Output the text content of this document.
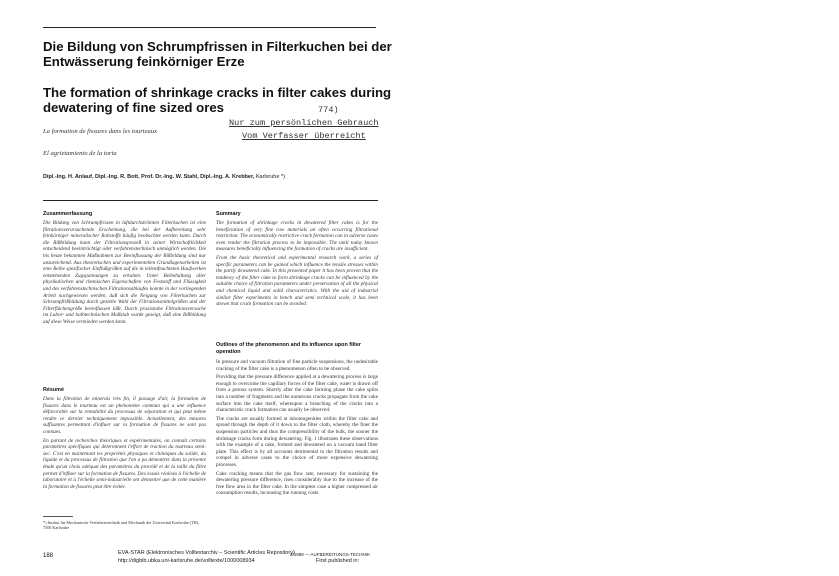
Die Bildung von Schrumpfrissen in Filterkuchen bei der Entwässerung feinkörniger Erze
The formation of shrinkage cracks in filter cakes during dewatering of fine sized ores	774)
Nur zum persönlichen Gebrauch
Vom Verfasser überreicht
La formation de fissures dans les tourteaux
El agrietamiento de la torta
Dipl.-Ing. H. Anlauf, Dipl.-Ing. R. Bott, Prof. Dr.-Ing. W. Stahl, Dipl.-Ing. A. Krebber, Karlsruhe *)
Zusammenfassung

Die Bildung von Schrumpfrissen in luftdurchströmten Filterkuchen ist eine filtrationsverursachende Erscheinung, die bei der Aufbereitung sehr feinkörniger mineralischer Rohstoffe häufig beobachtet werden kann. Durch die Rißbildung kann der Filtrationsprozeß in seiner Wirtschaftlichkeit entscheidend beeinträchtigt oder verfahrenstechnisch unmöglich werden. Die bis heute bekannten Maßnahmen zur Beeinflussung der Rißbildung sind nur unzureichend. Aus theoretischen und experimentellen Grundlagenarbeiten ist eine Reihe spezifischer Einflußgrößen auf die in teilentfeuchteten Haufwerken entstehenden Zugspannungen zu erkalten. Unter Beibehaltung aller physikalischen und chemischen Eigenschaften von Feststoff und Flüssigkeit und des verfahrenstechnischen Filtrationsablaufes konnte in der vorliegenden Arbeit nachgewiesen werden, daß sich die Neigung von Filterkuchen zur Schrumpfrißbildung durch gezielte Wahl der Filtrationsmittelgrößen und der Filterflächengröße beeinflussen läßt. Durch praxisnahe Filtrationsversuche im Labor- und halbtechnischen Maßstab wurde gezeigt, daß eine Rißbildung auf diese Weise vermieden werden kann.

Résumé

Dans la filtration de minerais très fin, il passage d'air, la formation de fissures dans le tourteau est un phénomène commun qui a une influence défavorable sur la rentabilité du processus de séparation et qui peut même rendre ce dernier techniquement impossible. Actuellement, des mesures suffisantes permettant d'influer sur la formation de fissures ne sont pas connues.

En partant de recherches théoriques et expérimentales, on connaît certains paramètres spécifiques qui déterminent l'effort de traction du tourteau semi-sec. C'est en maintenant les propriétés physiques et chimiques du solide, du liquide et du processus de filtration que l'on a pu démontrer dans la présente étude qu'un choix adéquat des paramètres du procédé et de la taille du filtre permet d'influer sur la formation de fissures. Des essais réalisés à l'échelle de laboratoire et à l'échelle semi-industrielle ont démontré que de cette manière la formation de fissures peut être évitée.

*) Institut für Mechanische Verfahrenstechnik und Mechanik der Universität Karlsruhe (TH), 7500 Karlsruhe
Summary

The formation of shrinkage cracks in dewatered filter cakes is for the beneficiation of very fine raw materials an often occurring filtrational restriction. The economically restrictive crack formation can in adverse cases even render the filtration process to be impossible. The until today known measures beneficially influencing the formation of cracks are insufficient.

From the basic theoretical and experimental research work, a series of specific parameters can be gained which influence the tensile stresses within the partly dewatered cake. In this presented paper it has been proven that the tendency of the filter cake to form shrinkage cracks can be influenced by the suitable choice of filtration parameters under preservation of all the physical and chemical liquid and solid characteristics. With the aid of industrial similar filter experiments in bench and semi technical scale, it has been shown that crack formation can be avoided.

Outlines of the phenomenon and its influence upon filter operation

In pressure and vacuum filtration of fine particle suspensions, the undesirable cracking of the filter cake is a phenomenon often to be observed.

Providing that the pressure difference applied at a dewatering process is large enough to overcome the capillary forces of the filter cake, water is drawn off from a porous system. Shortly after the cake forming phase the cake splits into a number of fragments and the numerous cracks propagate from the cake surface into the cake itself, whereupon a branching of the cracks into a characteristic crack formation can usually be observed.

The cracks are usually formed at inhomogenities within the filter cake and spread through the depth of it down to the filter cloth, whereby the finer the suspension particles and thus the compressibility of the bulk, the sooner the shrinkage cracks form during dewatering. Fig. 1 illustrates these observations with the example of a cake, formed and dewatered on a vacuum band filter plate. This effect is by all accounts detrimental to the filtration results and compel in adverse cases to the choice of more expensive dewatering processes.

Cake cracking means that the gas flow rate, necessary for sustaining the dewatering pressure difference, rises considerably due to the increase of the free flow area in the filter cake. In the simplest case a higher compressed air consumption results, increasing the running costs.

188	EVA-STAR (Elektronisches Volltextarchiv – Scientific Articles Repository)
http://digbib.ubka.uni-karlsruhe.de/volltexte/1000008934
3/1988 — AUFBEREITUNGS-TECHNIK
First published in:
